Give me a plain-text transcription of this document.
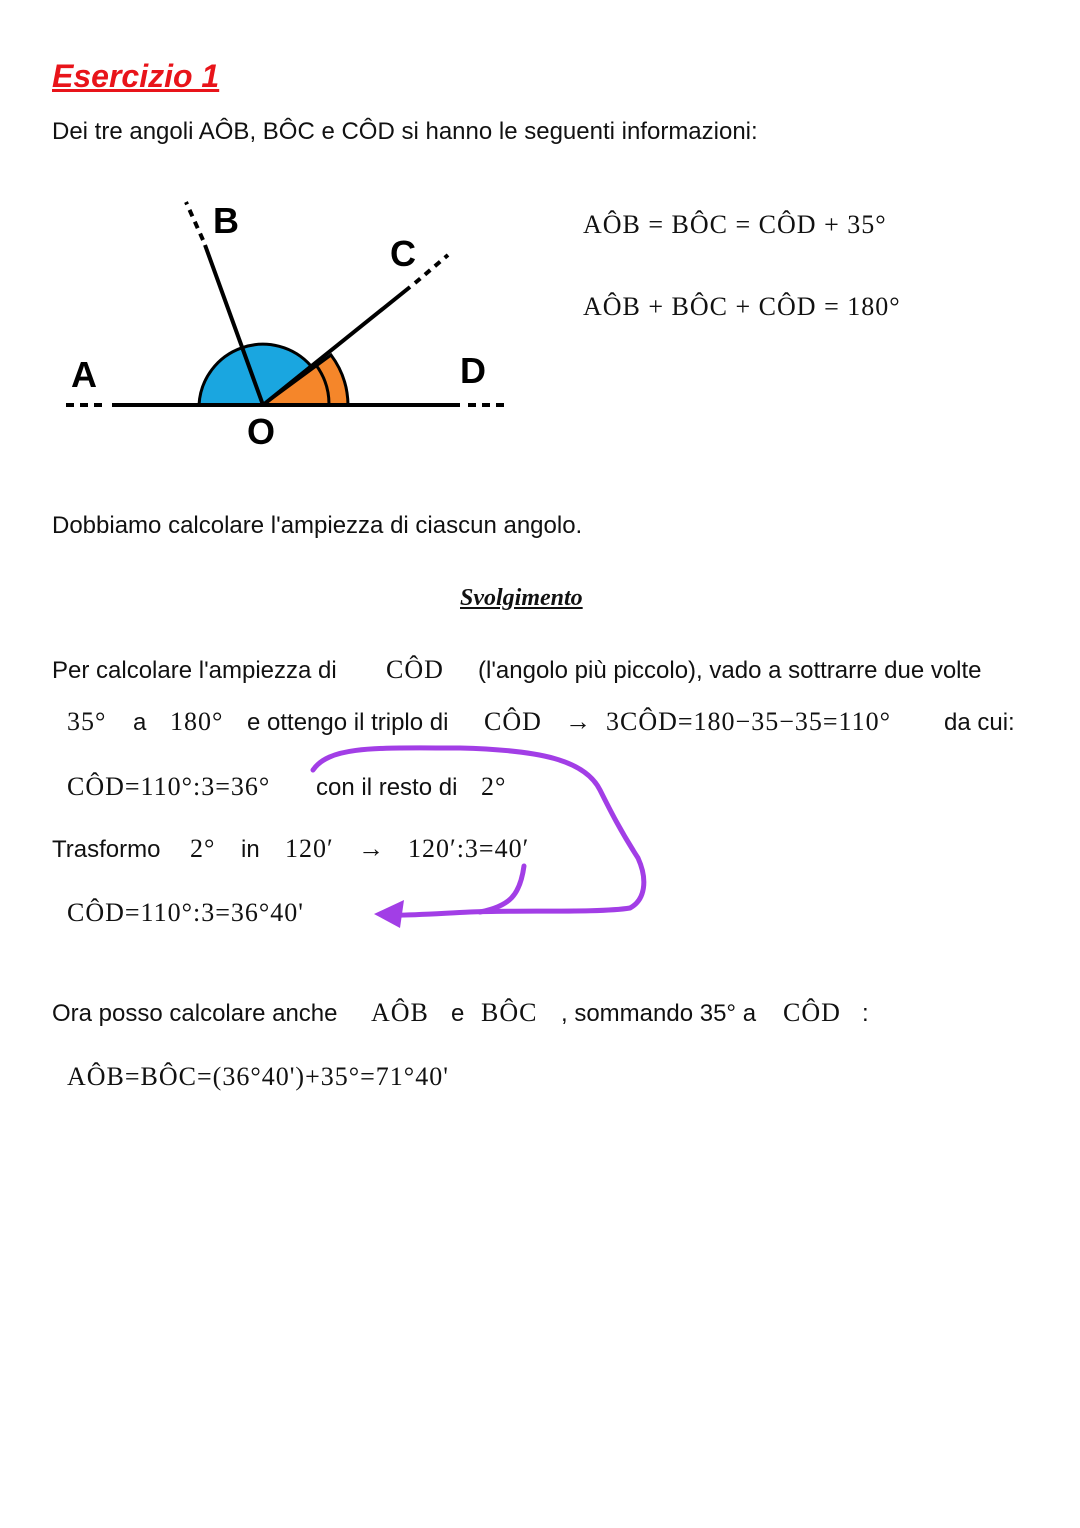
Esercizio 1
Dei tre angoli AÔB, BÔC e CÔD si hanno le seguenti informazioni:
A
B
C
D
O
AÔB = BÔC = CÔD + 35°
AÔB + BÔC + CÔD = 180°
Dobbiamo calcolare l'ampiezza di ciascun angolo.
Svolgimento
Per calcolare l'ampiezza di CÔD (l'angolo più piccolo), vado a sottrarre due volte
35° a 180° e ottengo il triplo di CÔD → 3CÔD=180−35−35=110° da cui:
CÔD=110°:3=36° con il resto di 2°
Trasformo 2° in 120′ → 120′:3=40′
CÔD=110°:3=36°40'
Ora posso calcolare anche AÔB e BÔC , sommando 35° a CÔD :
AÔB=BÔC=(36°40')+35°=71°40'
